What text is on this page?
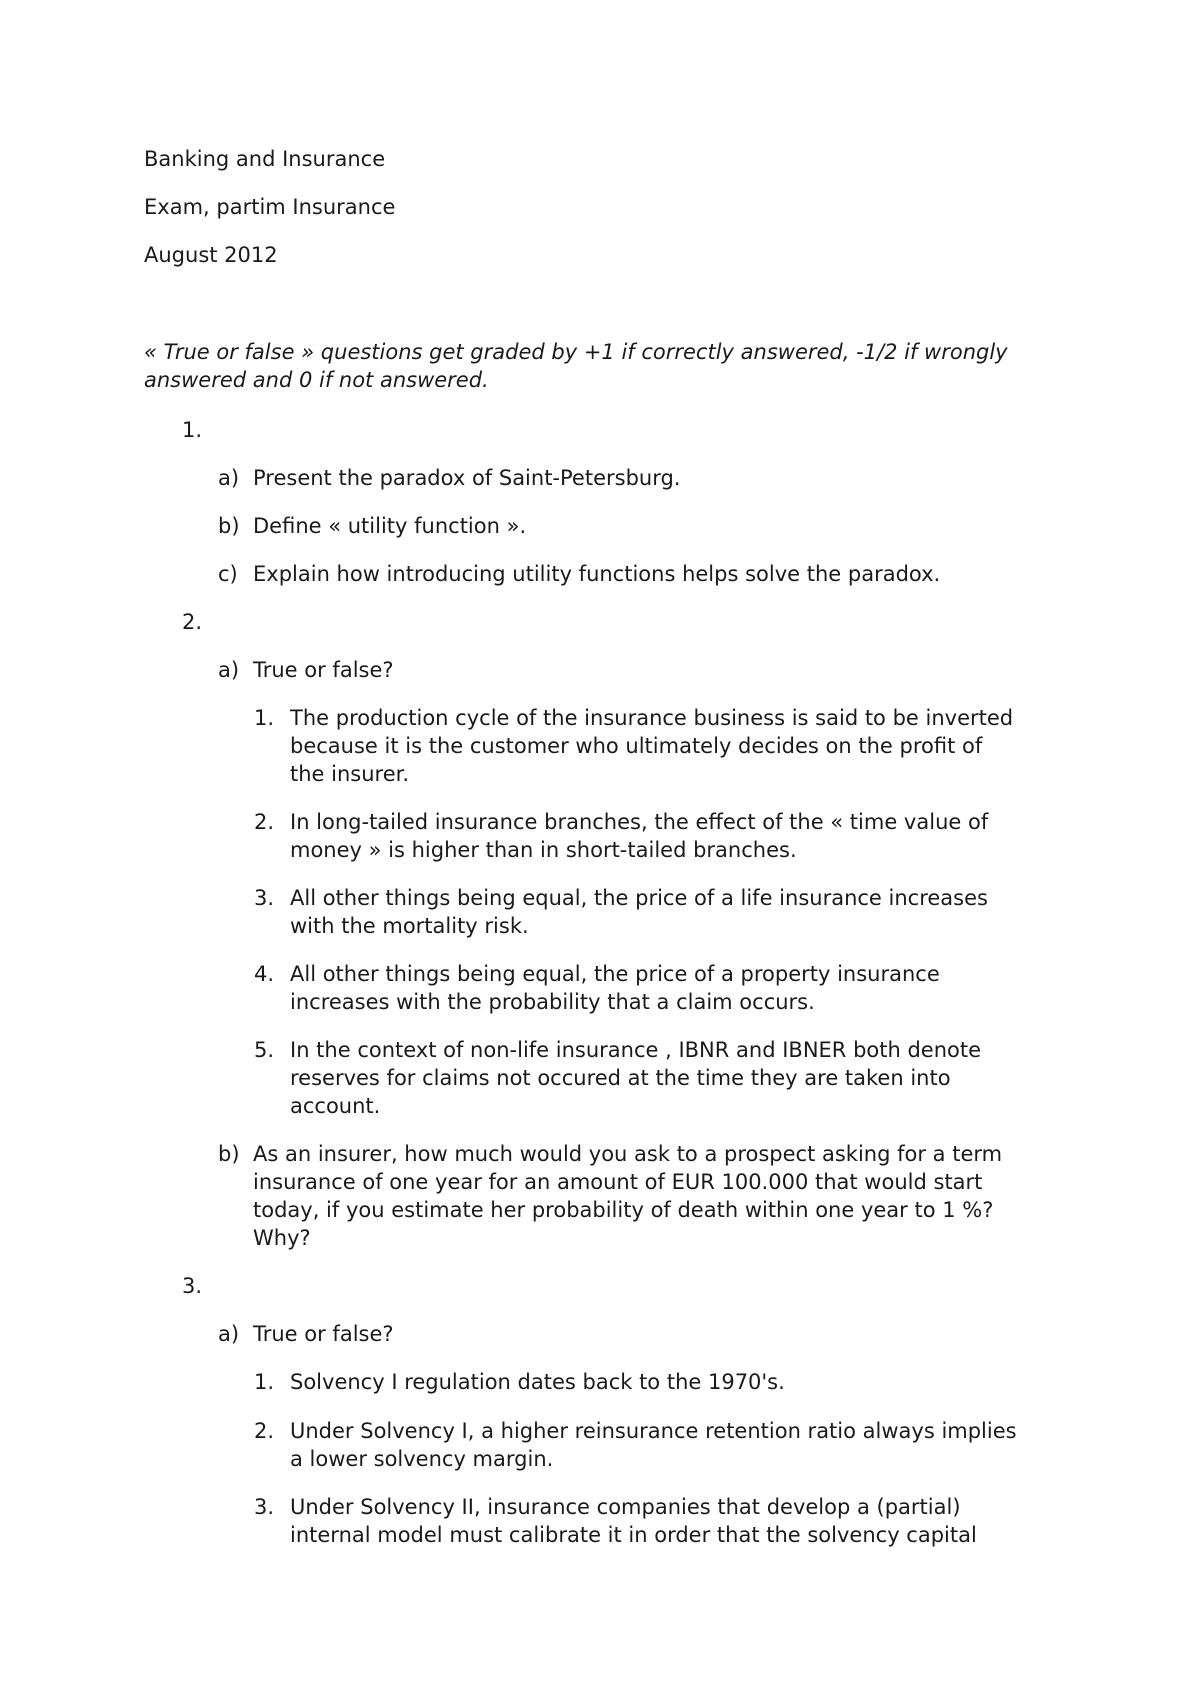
Banking and Insurance
Exam, partim Insurance
August 2012
« True or false » questions get graded by +1 if correctly answered, -1/2 if wrongly
answered and 0 if not answered.
1.
a) Present the paradox of Saint-Petersburg.
b) Define « utility function ».
c) Explain how introducing utility functions helps solve the paradox.
2.
a) True or false?
1. The production cycle of the insurance business is said to be inverted
because it is the customer who ultimately decides on the profit of
the insurer.
2. In long-tailed insurance branches, the effect of the « time value of
money » is higher than in short-tailed branches.
3. All other things being equal, the price of a life insurance increases
with the mortality risk.
4. All other things being equal, the price of a property insurance
increases with the probability that a claim occurs.
5. In the context of non-life insurance , IBNR and IBNER both denote
reserves for claims not occured at the time they are taken into
account.
b) As an insurer, how much would you ask to a prospect asking for a term
insurance of one year for an amount of EUR 100.000 that would start
today, if you estimate her probability of death within one year to 1 %?
Why?
3.
a) True or false?
1. Solvency I regulation dates back to the 1970's.
2. Under Solvency I, a higher reinsurance retention ratio always implies
a lower solvency margin.
3. Under Solvency II, insurance companies that develop a (partial)
internal model must calibrate it in order that the solvency capital
